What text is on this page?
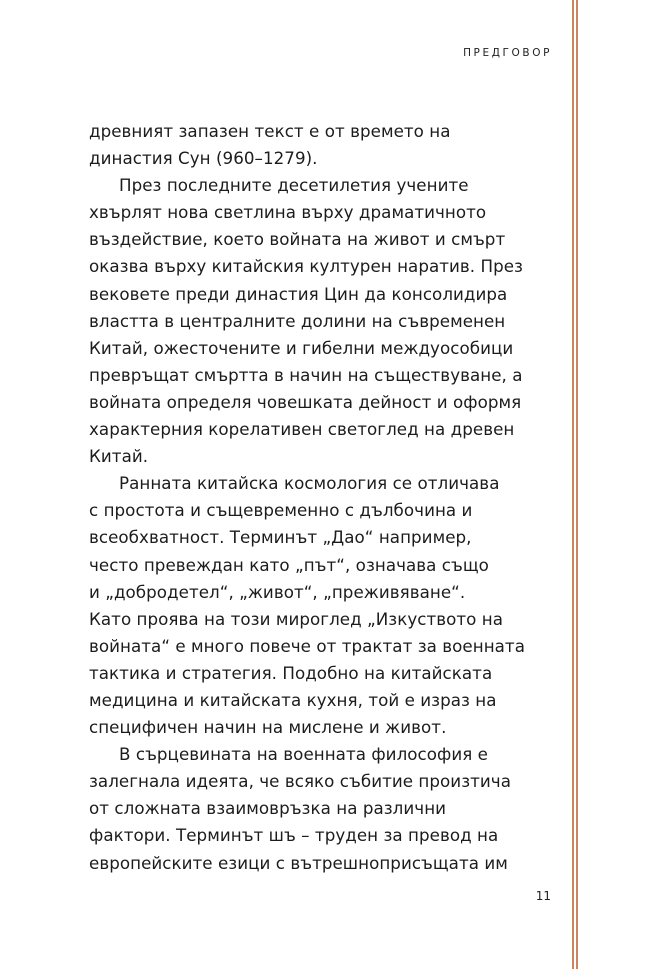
ПРЕДГОВОР

древният запазен текст е от времето на

династия Сун (960–1279).

През последните десетилетия учените

хвърлят нова светлина върху драматичното

въздействие, което войната на живот и смърт

оказва върху китайския културен наратив. През

вековете преди династия Цин да консолидира

властта в централните долини на съвременен

Китай, ожесточените и гибелни междуособици

превръщат смъртта в начин на съществуване, а

войната определя човешката дейност и оформя

характерния корелативен светоглед на древен

Китай.

Ранната китайска космология се отличава

с простота и същевременно с дълбочина и

всеобхватност. Терминът „Дао“ например,

често превеждан като „път“, означава също

и „добродетел“, „живот“, „преживяване“.

Като проява на този мироглед „Изкуството на

войната“ е много повече от трактат за военната

тактика и стратегия. Подобно на китайската

медицина и китайската кухня, той е израз на

специфичен начин на мислене и живот.

В сърцевината на военната философия е

залегнала идеята, че всяко събитие произтича

от сложната взаимовръзка на различни

фактори. Терминът шъ – труден за превод на

европейските езици с вътрешноприсъщата им

11
